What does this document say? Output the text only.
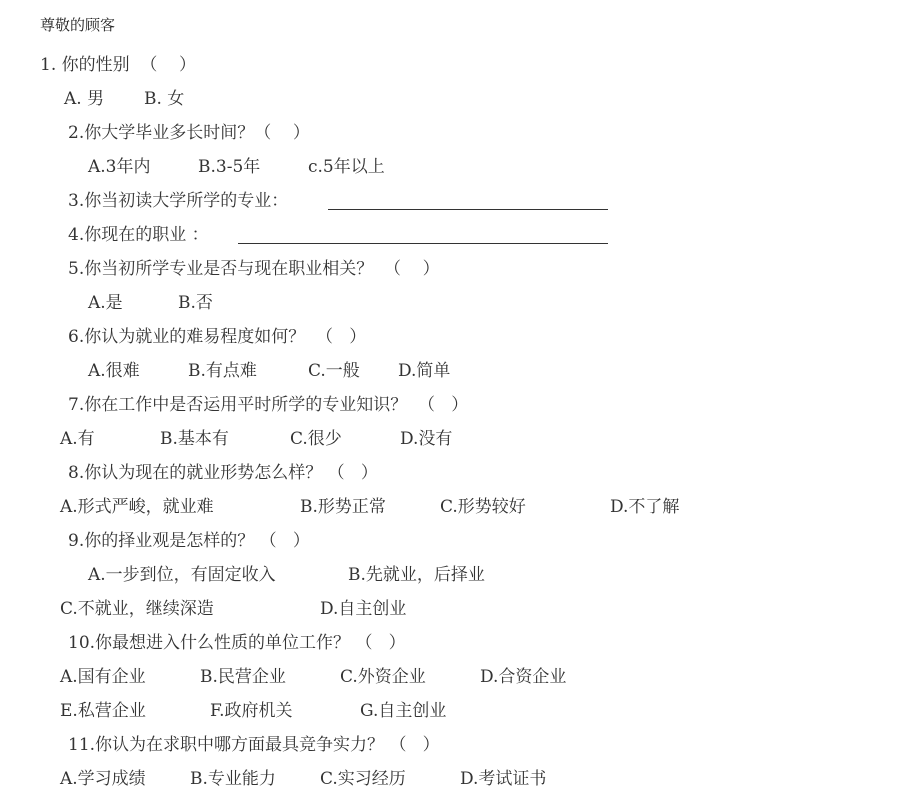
尊敬的顾客
1. 你的性别  （    ）
A. 男 B. 女
2.你大学毕业多长时间？（    ）
A.3年内	B.3-5年	c.5年以上
3.你当初读大学所学的专业：
4.你现在的职业 ：
5.你当初所学专业是否与现在职业相关？  （    ）
A.是	B.否
6.你认为就业的难易程度如何？  （   ）
A.很难	B.有点难	C.一般 D.简单
7.你在工作中是否运用平时所学的专业知识？  （   ）
A.有	B.基本有	C.很少	D.没有
8.你认为现在的就业形势怎么样？ （   ）
A.形式严峻，就业难	B.形势正常	C.形势较好	D.不了解
9.你的择业观是怎样的？ （   ）
A.一步到位，有固定收入	B.先就业，后择业
C.不就业，继续深造	D.自主创业
10.你最想进入什么性质的单位工作？ （   ）
A.国有企业	B.民营企业	C.外资企业	D.合资企业
E.私营企业	F.政府机关	G.自主创业
11.你认为在求职中哪方面最具竞争实力？ （   ）
A.学习成绩	B.专业能力	C.实习经历	D.考试证书
